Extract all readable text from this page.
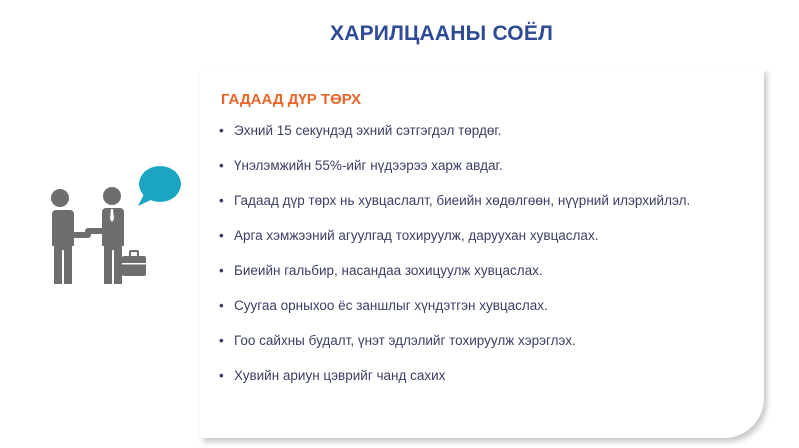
ХАРИЛЦААНЫ СОЁЛ
ГАДААД ДҮР ТӨРХ
• Эхний 15 секундэд эхний сэтгэгдэл төрдөг.
• Үнэлэмжийн 55%-ийг нүдээрээ харж авдаг.
• Гадаад дүр төрх нь хувцаслалт, биеийн хөдөлгөөн, нүүрний илэрхийлэл.
• Арга хэмжээний агуулгад тохируулж, даруухан хувцаслах.
• Биеийн гальбир, насандаа зохицуулж хувцаслах.
• Суугаа орныхоо ёс заншлыг хүндэтгэн хувцаслах.
• Гоо сайхны будалт, үнэт эдлэлийг тохируулж хэрэглэх.
• Хувийн ариун цэврийг чанд сахих
